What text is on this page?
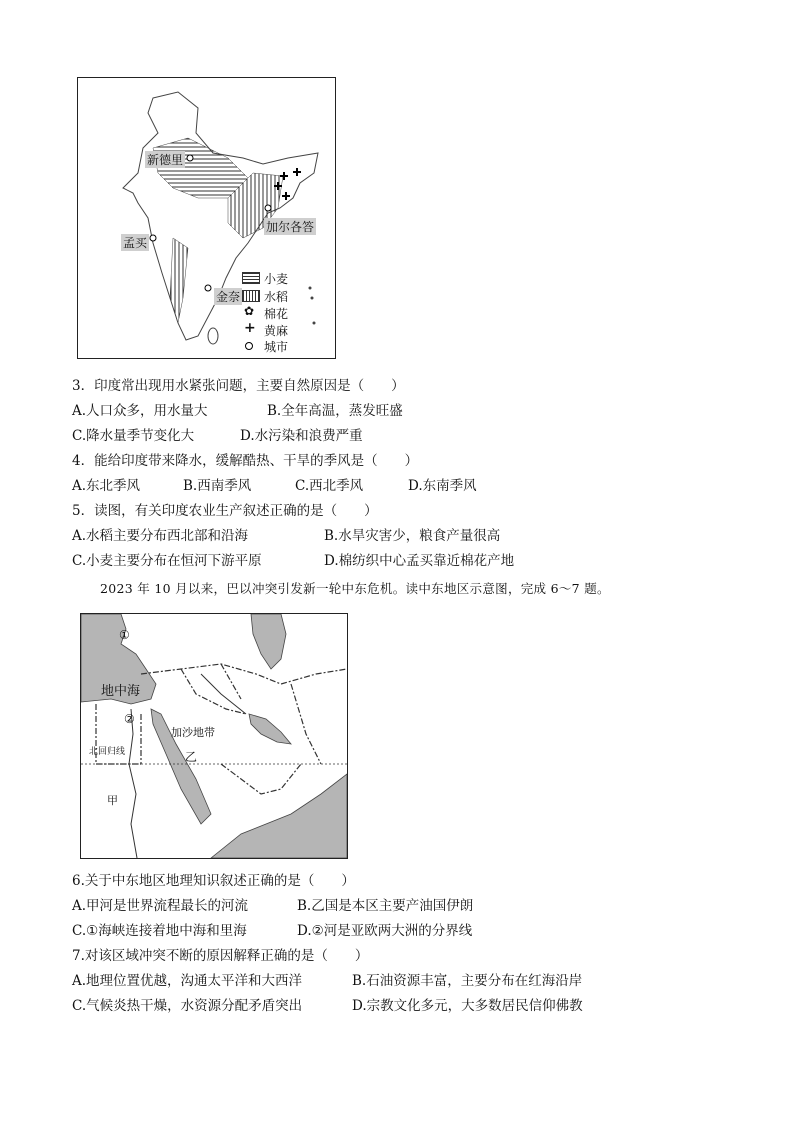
新德里
孟买
加尔各答
金奈
小麦
水稻
✿ 棉花
+ 黄麻
城市
3．印度常出现用水紧张问题，主要自然原因是（　　）
A.人口众多，用水量大	B.全年高温，蒸发旺盛
C.降水量季节变化大	D.水污染和浪费严重
4．能给印度带来降水，缓解酷热、干旱的季风是（　　）
A.东北季风	B.西南季风	C.西北季风	D.东南季风
5．读图，有关印度农业生产叙述正确的是（　　）
A.水稻主要分布西北部和沿海	B.水旱灾害少，粮食产量很高
C.小麦主要分布在恒河下游平原	D.棉纺织中心孟买靠近棉花产地
2023 年 10 月以来，巴以冲突引发新一轮中东危机。读中东地区示意图，完成 6～7 题。
①
地中海
②
加沙地带
北回归线	乙
甲
6.关于中东地区地理知识叙述正确的是（　　）
A.甲河是世界流程最长的河流	B.乙国是本区主要产油国伊朗
C.①海峡连接着地中海和里海	D.②河是亚欧两大洲的分界线
7.对该区域冲突不断的原因解释正确的是（　　）
A.地理位置优越，沟通太平洋和大西洋	B.石油资源丰富，主要分布在红海沿岸
C.气候炎热干燥，水资源分配矛盾突出	D.宗教文化多元，大多数居民信仰佛教
